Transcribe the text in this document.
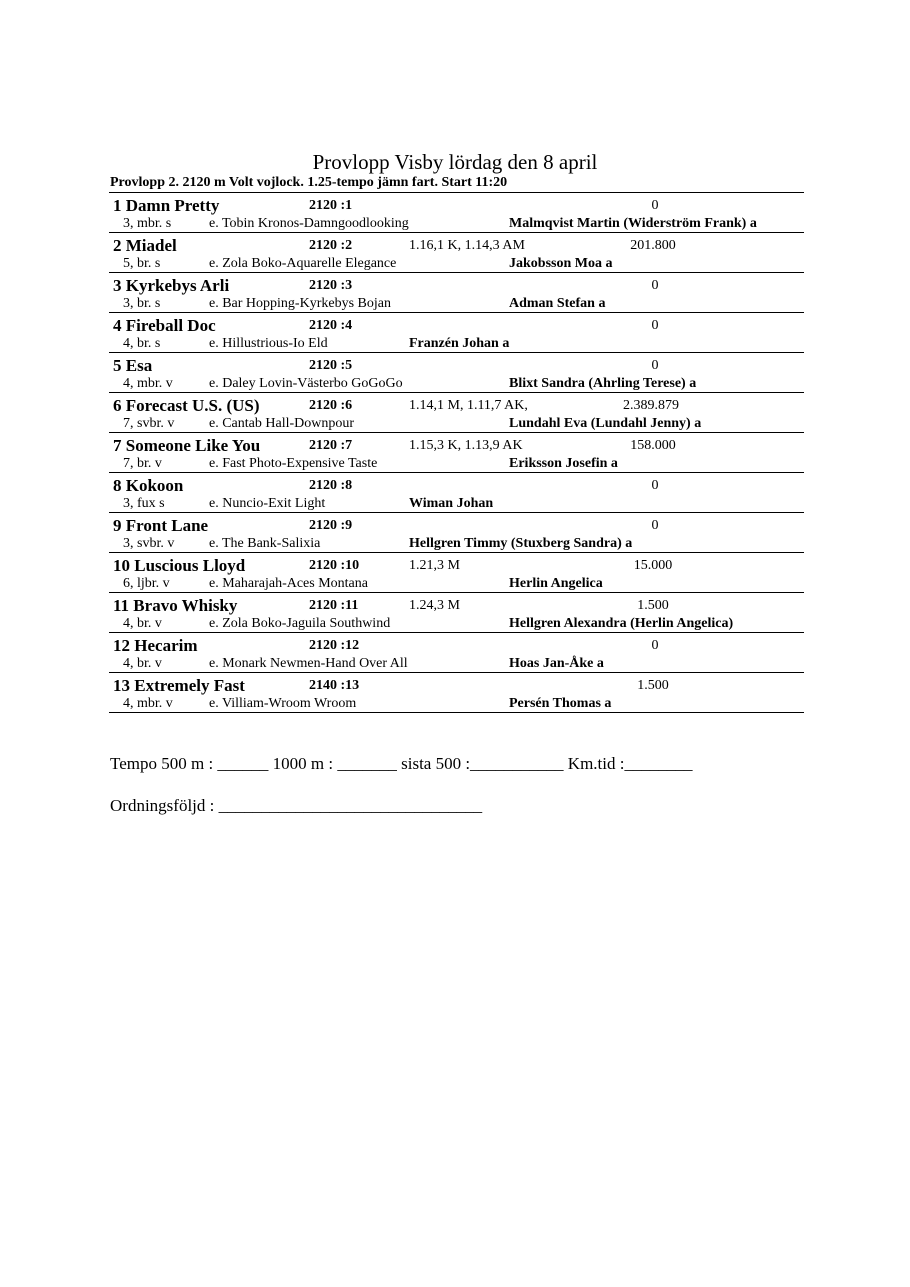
Provlopp Visby lördag den 8 april
Provlopp 2. 2120 m Volt vojlock. 1.25-tempo jämn fart. Start 11:20
1 Damn Pretty	2120 :1	0
3, mbr. s	e. Tobin Kronos-Damngoodlooking	Malmqvist Martin (Widerström Frank) a
2 Miadel	2120 :2	1.16,1 K, 1.14,3 AM	201.800
5, br. s	e. Zola Boko-Aquarelle Elegance	Jakobsson Moa a
3 Kyrkebys Arli	2120 :3	0
3, br. s	e. Bar Hopping-Kyrkebys Bojan	Adman Stefan a
4 Fireball Doc	2120 :4	0
4, br. s	e. Hillustrious-Io Eld	Franzén Johan a
5 Esa	2120 :5	0
4, mbr. v	e. Daley Lovin-Västerbo GoGoGo	Blixt Sandra (Ahrling Terese) a
6 Forecast U.S. (US)	2120 :6	1.14,1 M, 1.11,7 AK,	2.389.879
7, svbr. v e. Cantab Hall-Downpour	Lundahl Eva (Lundahl Jenny) a
7 Someone Like You	2120 :7	1.15,3 K, 1.13,9 AK	158.000
7, br. v	e. Fast Photo-Expensive Taste	Eriksson Josefin a
8 Kokoon	2120 :8	0
3, fux s	e. Nuncio-Exit Light	Wiman Johan
9 Front Lane	2120 :9	0
3, svbr. v e. The Bank-Salixia	Hellgren Timmy (Stuxberg Sandra) a
10 Luscious Lloyd	2120 :10	1.21,3 M	15.000
6, ljbr. v	e. Maharajah-Aces Montana	Herlin Angelica
11 Bravo Whisky	2120 :11	1.24,3 M	1.500
4, br. v	e. Zola Boko-Jaguila Southwind	Hellgren Alexandra (Herlin Angelica)
12 Hecarim	2120 :12	0
4, br. v	e. Monark Newmen-Hand Over All	Hoas Jan-Åke a
13 Extremely Fast	2140 :13	1.500
4, mbr. v	e. Villiam-Wroom Wroom	Persén Thomas a
Tempo 500 m : ______ 1000 m : _______ sista 500 :___________ Km.tid :________
Ordningsföljd : _______________________________
